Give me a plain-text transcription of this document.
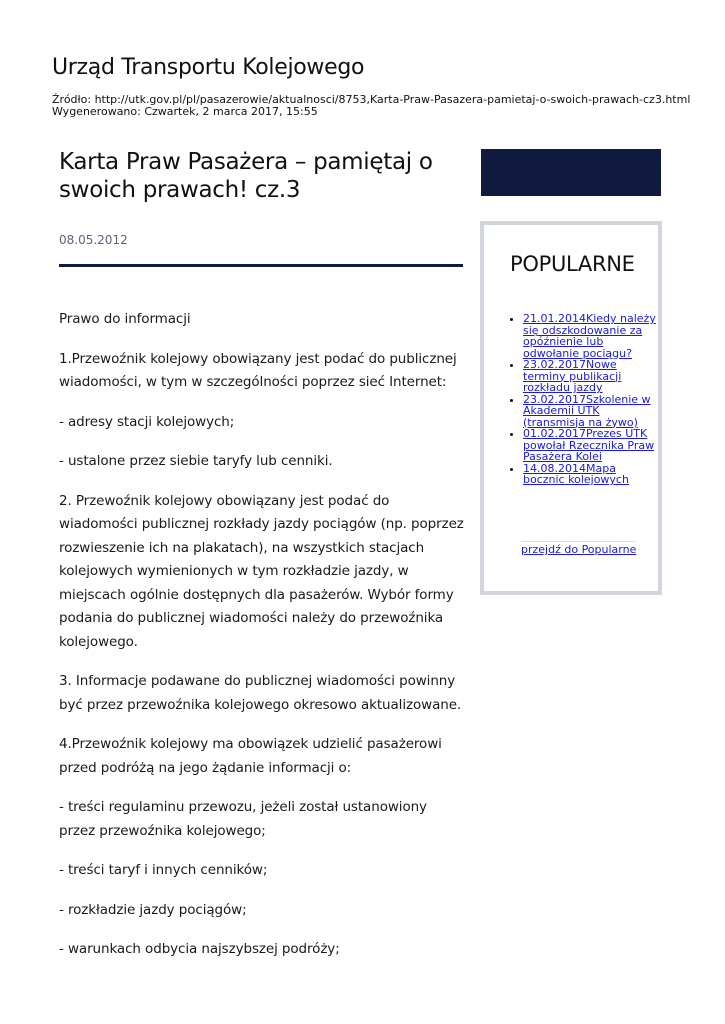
Urząd Transportu Kolejowego
Źródło: http://utk.gov.pl/pl/pasazerowie/aktualnosci/8753,Karta-Praw-Pasazera-pamietaj-o-swoich-prawach-cz3.html
Wygenerowano: Czwartek, 2 marca 2017, 15:55
Karta Praw Pasażera – pamiętaj o swoich prawach! cz.3
08.05.2012

Prawo do informacji

1.Przewoźnik kolejowy obowiązany jest podać do publicznej wiadomości, w tym w szczególności poprzez sieć Internet:

- adresy stacji kolejowych;

- ustalone przez siebie taryfy lub cenniki.

2. Przewoźnik kolejowy obowiązany jest podać do wiadomości publicznej rozkłady jazdy pociągów (np. poprzez rozwieszenie ich na plakatach), na wszystkich stacjach kolejowych wymienionych w tym rozkładzie jazdy, w miejscach ogólnie dostępnych dla pasażerów. Wybór formy podania do publicznej wiadomości należy do przewoźnika kolejowego.

3. Informacje podawane do publicznej wiadomości powinny być przez przewoźnika kolejowego okresowo aktualizowane.

4.Przewoźnik kolejowy ma obowiązek udzielić pasażerowi przed podróżą na jego żądanie informacji o:

- treści regulaminu przewozu, jeżeli został ustanowiony przez przewoźnika kolejowego;

- treści taryf i innych cenników;

- rozkładzie jazdy pociągów;

- warunkach odbycia najszybszej podróży;

POPULARNE
• 21.01.2014Kiedy należy się odszkodowanie za opóźnienie lub odwołanie pociągu?
• 23.02.2017Nowe terminy publikacji rozkładu jazdy
• 23.02.2017Szkolenie w Akademii UTK (transmisja na żywo)
• 01.02.2017Prezes UTK powołał Rzecznika Praw Pasażera Kolei
• 14.08.2014Mapa bocznic kolejowych
przejdź do Popularne
